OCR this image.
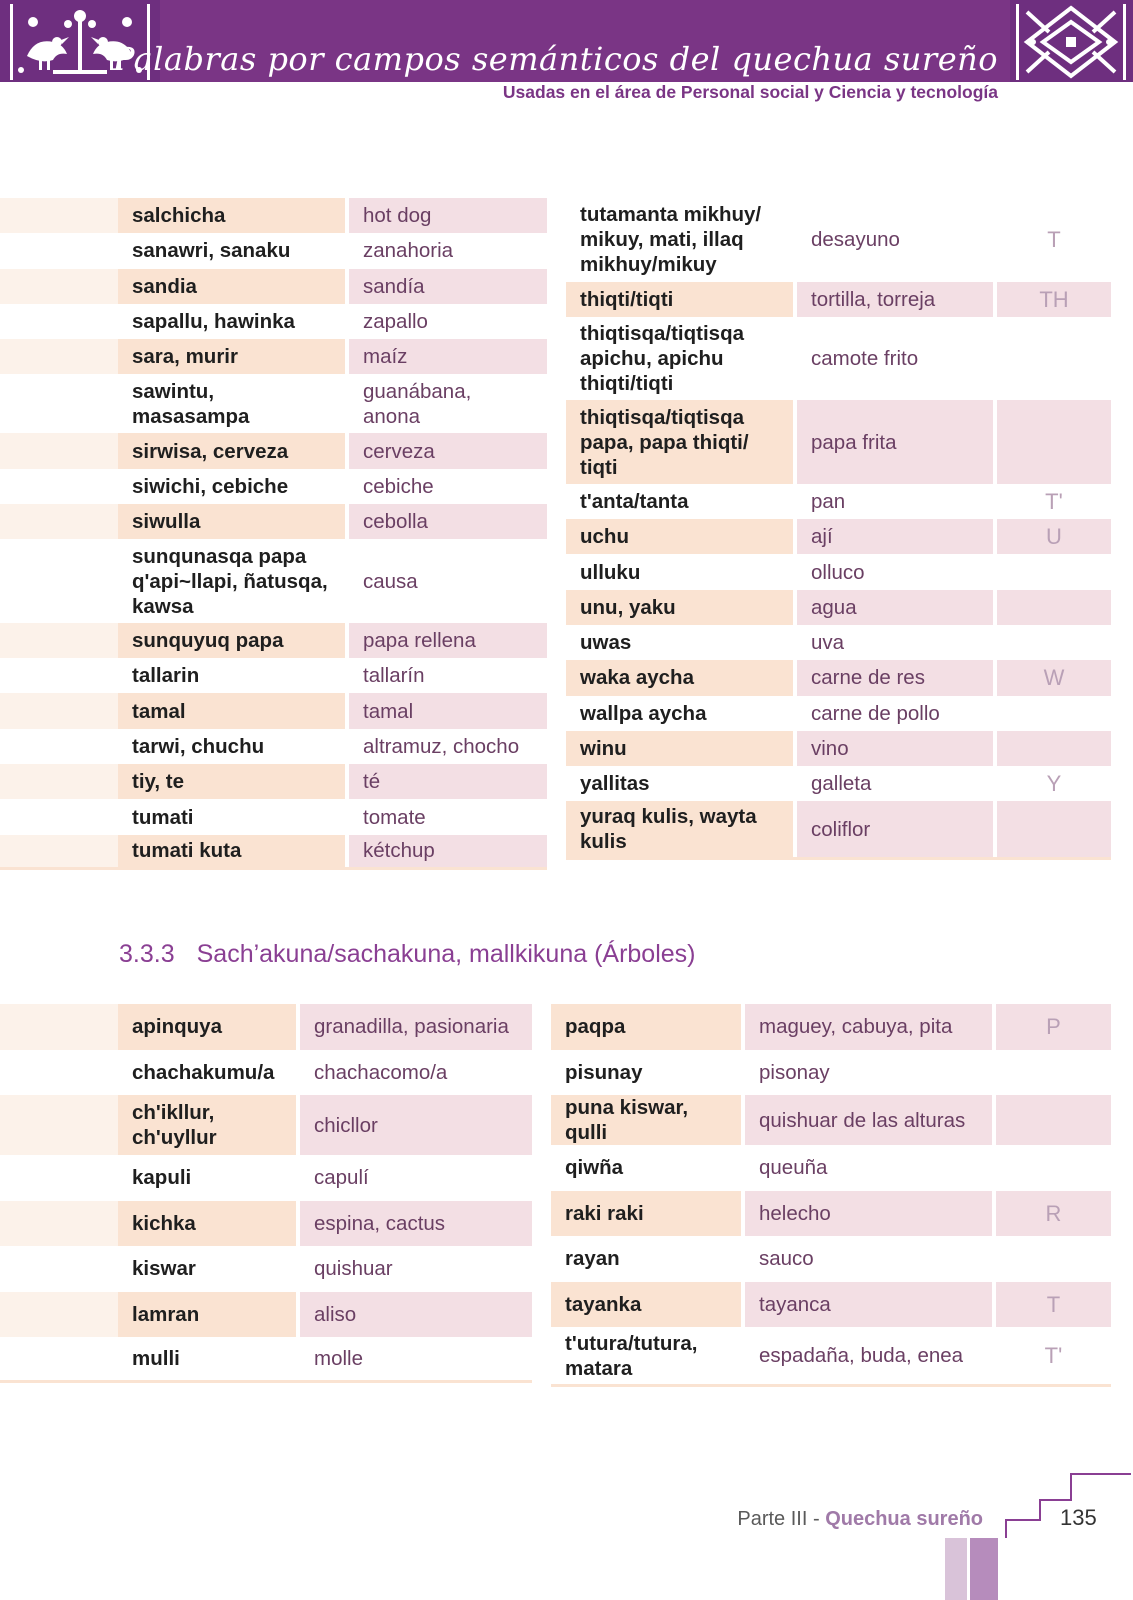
Palabras por campos semánticos del quechua sureño
Usadas en el área de Personal social y Ciencia y tecnología
	salchicha		hot dog
	sanawri, sanaku		zanahoria
	sandia		sandía
	sapallu, hawinka		zapallo
	sara, murir		maíz
	sawintu,
masasampa		guanábana,
anona
	sirwisa, cerveza		cerveza
	siwichi, cebiche		cebiche
	siwulla		cebolla
	sunqunasqa papa
q'api~llapi, ñatusqa,
kawsa		causa
	sunquyuq papa		papa rellena
	tallarin		tallarín
	tamal		tamal
	tarwi, chuchu		altramuz, chocho
	tiy, te		té
	tumati		tomate
	tumati kuta		kétchup
tutamanta mikhuy/
mikuy, mati, illaq
mikhuy/mikuy		desayuno		T
thiqti/tiqti		tortilla, torreja		TH
thiqtisqa/tiqtisqa
apichu, apichu
thiqti/tiqti		camote frito		
thiqtisqa/tiqtisqa
papa, papa thiqti/
tiqti		papa frita		
t'anta/tanta		pan		T'
uchu		ají		U
ulluku		olluco		
unu, yaku		agua		
uwas		uva		
waka aycha		carne de res		W
wallpa aycha		carne de pollo		
winu		vino		
yallitas		galleta		Y
yuraq kulis, wayta
kulis		coliflor		
3.3.3 Sach’akuna/sachakuna, mallkikuna (Árboles)
	apinquya		granadilla, pasionaria
	chachakumu/a		chachacomo/a
	ch'ikllur,
ch'uyllur		chicllor
	kapuli		capulí
	kichka		espina, cactus
	kiswar		quishuar
	lamran		aliso
	mulli		molle
paqpa		maguey, cabuya, pita		P
pisunay		pisonay		
puna kiswar, qulli		quishuar de las alturas		
qiwña		queuña		
raki raki		helecho		R
rayan		sauco		
tayanka		tayanca		T
t'utura/tutura,
matara		espadaña, buda, enea		T'
Parte III - Quechua sureño	135
